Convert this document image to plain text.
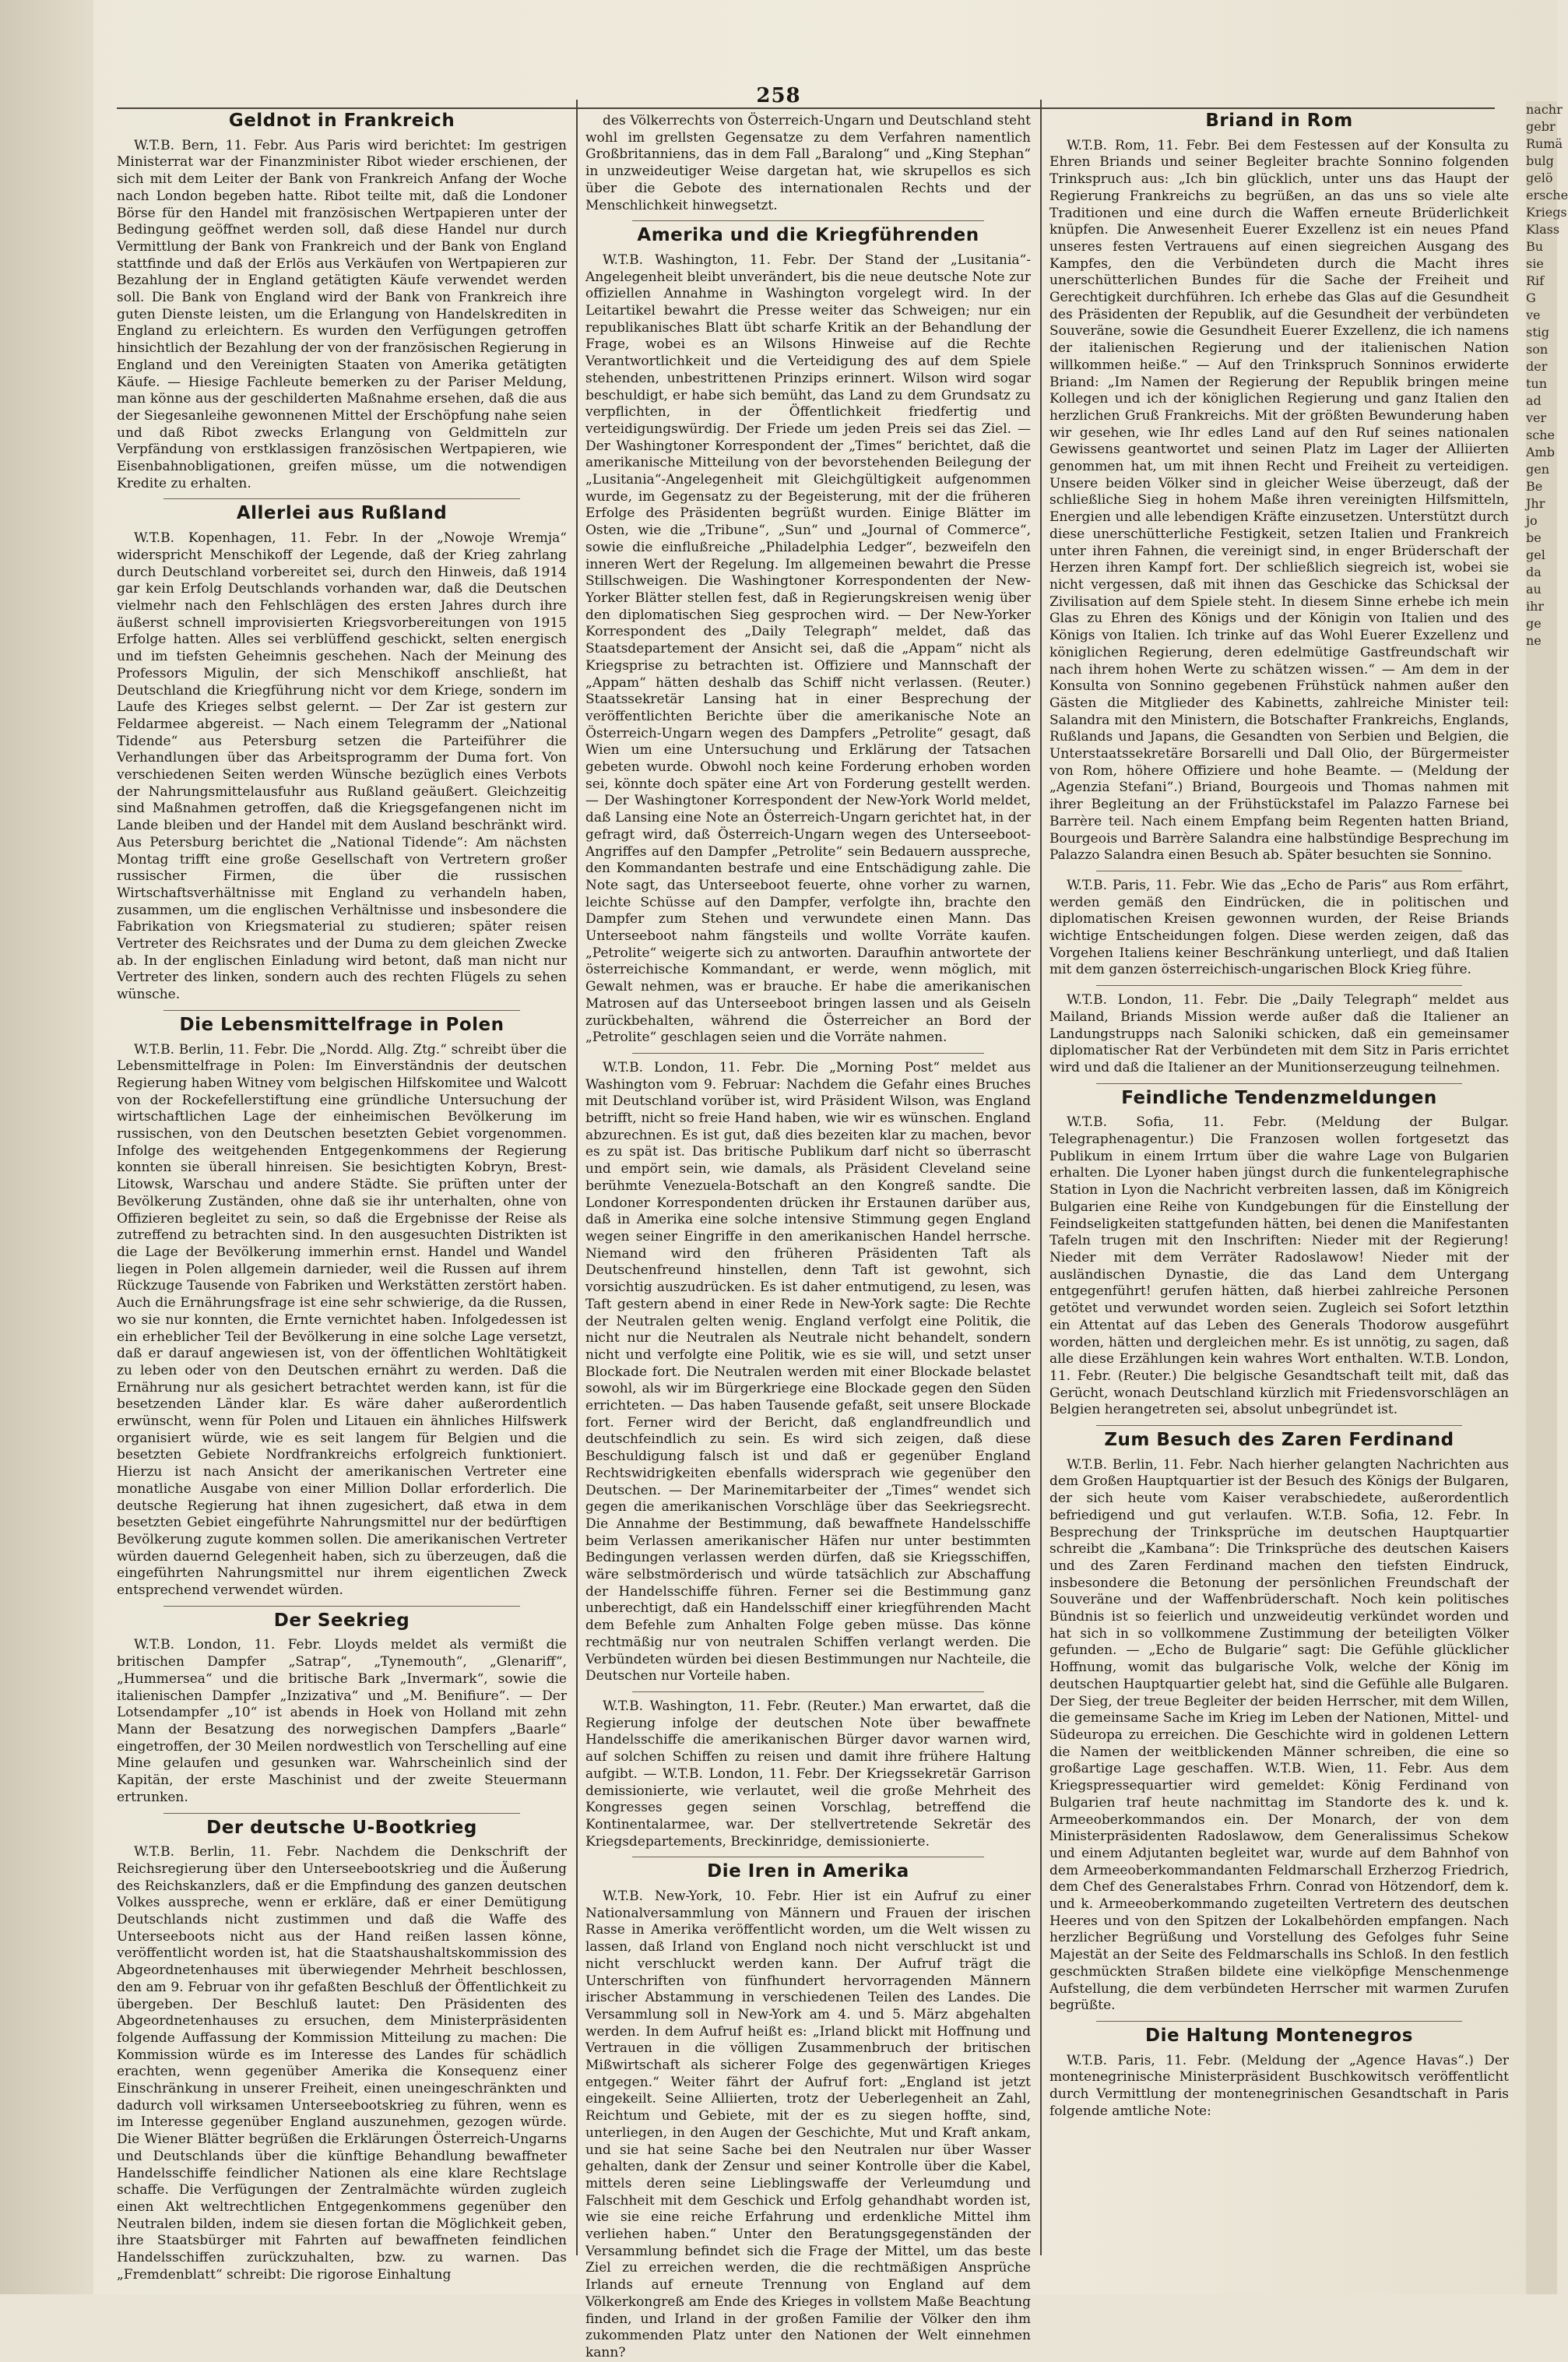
258
Geldnot in Frankreich

W.T.B. Bern, 11. Febr. Aus Paris wird berichtet: Im gestrigen Ministerrat war der Finanzminister Ribot wieder erschienen, der sich mit dem Leiter der Bank von Frankreich Anfang der Woche nach London begeben hatte. Ribot teilte mit, daß die Londoner Börse für den Handel mit französischen Wertpapieren unter der Bedingung geöffnet werden soll, daß diese Handel nur durch Vermittlung der Bank von Frankreich und der Bank von England stattfinde und daß der Erlös aus Verkäufen von Wertpapieren zur Bezahlung der in England getätigten Käufe verwendet werden soll. Die Bank von England wird der Bank von Frankreich ihre guten Dienste leisten, um die Erlangung von Handelskrediten in England zu erleichtern. Es wurden den Verfügungen getroffen hinsichtlich der Bezahlung der von der französischen Regierung in England und den Vereinigten Staaten von Amerika getätigten Käufe. — Hiesige Fachleute bemerken zu der Pariser Meldung, man könne aus der geschilderten Maßnahme ersehen, daß die aus der Siegesanleihe gewonnenen Mittel der Erschöpfung nahe seien und daß Ribot zwecks Erlangung von Geldmitteln zur Verpfändung von erstklassigen französischen Wertpapieren, wie Eisenbahnobligationen, greifen müsse, um die notwendigen Kredite zu erhalten.

Allerlei aus Rußland

W.T.B. Kopenhagen, 11. Febr. In der „Nowoje Wremja“ widerspricht Menschikoff der Legende, daß der Krieg zahrlang durch Deutschland vorbereitet sei, durch den Hinweis, daß 1914 gar kein Erfolg Deutschlands vorhanden war, daß die Deutschen vielmehr nach den Fehlschlägen des ersten Jahres durch ihre äußerst schnell improvisierten Kriegsvorbereitungen von 1915 Erfolge hatten. Alles sei verblüffend geschickt, selten energisch und im tiefsten Geheimnis geschehen. Nach der Meinung des Professors Migulin, der sich Menschikoff anschließt, hat Deutschland die Kriegführung nicht vor dem Kriege, sondern im Laufe des Krieges selbst gelernt. — Der Zar ist gestern zur Feldarmee abgereist. — Nach einem Telegramm der „National Tidende“ aus Petersburg setzen die Parteiführer die Verhandlungen über das Arbeitsprogramm der Duma fort. Von verschiedenen Seiten werden Wünsche bezüglich eines Verbots der Nahrungsmittelausfuhr aus Rußland geäußert. Gleichzeitig sind Maßnahmen getroffen, daß die Kriegsgefangenen nicht im Lande bleiben und der Handel mit dem Ausland beschränkt wird. Aus Petersburg berichtet die „National Tidende“: Am nächsten Montag trifft eine große Gesellschaft von Vertretern großer russischer Firmen, die über die russischen Wirtschaftsverhältnisse mit England zu verhandeln haben, zusammen, um die englischen Verhältnisse und insbesondere die Fabrikation von Kriegsmaterial zu studieren; später reisen Vertreter des Reichsrates und der Duma zu dem gleichen Zwecke ab. In der englischen Einladung wird betont, daß man nicht nur Vertreter des linken, sondern auch des rechten Flügels zu sehen wünsche.

Die Lebensmittelfrage in Polen

W.T.B. Berlin, 11. Febr. Die „Nordd. Allg. Ztg.“ schreibt über die Lebensmittelfrage in Polen: Im Einverständnis der deutschen Regierung haben Witney vom belgischen Hilfskomitee und Walcott von der Rockefellerstiftung eine gründliche Untersuchung der wirtschaftlichen Lage der einheimischen Bevölkerung im russischen, von den Deutschen besetzten Gebiet vorgenommen. Infolge des weitgehenden Entgegenkommens der Regierung konnten sie überall hinreisen. Sie besichtigten Kobryn, Brest-Litowsk, Warschau und andere Städte. Sie prüften unter der Bevölkerung Zuständen, ohne daß sie ihr unterhalten, ohne von Offizieren begleitet zu sein, so daß die Ergebnisse der Reise als zutreffend zu betrachten sind. In den ausgesuchten Distrikten ist die Lage der Bevölkerung immerhin ernst. Handel und Wandel liegen in Polen allgemein darnieder, weil die Russen auf ihrem Rückzuge Tausende von Fabriken und Werkstätten zerstört haben. Auch die Ernährungsfrage ist eine sehr schwierige, da die Russen, wo sie nur konnten, die Ernte vernichtet haben. Infolgedessen ist ein erheblicher Teil der Bevölkerung in eine solche Lage versetzt, daß er darauf angewiesen ist, von der öffentlichen Wohltätigkeit zu leben oder von den Deutschen ernährt zu werden. Daß die Ernährung nur als gesichert betrachtet werden kann, ist für die besetzenden Länder klar. Es wäre daher außerordentlich erwünscht, wenn für Polen und Litauen ein ähnliches Hilfswerk organisiert würde, wie es seit langem für Belgien und die besetzten Gebiete Nordfrankreichs erfolgreich funktioniert. Hierzu ist nach Ansicht der amerikanischen Vertreter eine monatliche Ausgabe von einer Million Dollar erforderlich. Die deutsche Regierung hat ihnen zugesichert, daß etwa in dem besetzten Gebiet eingeführte Nahrungsmittel nur der bedürftigen Bevölkerung zugute kommen sollen. Die amerikanischen Vertreter würden dauernd Gelegenheit haben, sich zu überzeugen, daß die eingeführten Nahrungsmittel nur ihrem eigentlichen Zweck entsprechend verwendet würden.

Der Seekrieg

W.T.B. London, 11. Febr. Lloyds meldet als vermißt die britischen Dampfer „Satrap“, „Tynemouth“, „Glenariff“, „Hummersea“ und die britische Bark „Invermark“, sowie die italienischen Dampfer „Inzizativa“ und „M. Benifiure“. — Der Lotsendampfer „10“ ist abends in Hoek von Holland mit zehn Mann der Besatzung des norwegischen Dampfers „Baarle“ eingetroffen, der 30 Meilen nordwestlich von Terschelling auf eine Mine gelaufen und gesunken war. Wahrscheinlich sind der Kapitän, der erste Maschinist und der zweite Steuermann ertrunken.

Der deutsche U-Bootkrieg

W.T.B. Berlin, 11. Febr. Nachdem die Denkschrift der Reichsregierung über den Unterseebootskrieg und die Äußerung des Reichskanzlers, daß er die Empfindung des ganzen deutschen Volkes ausspreche, wenn er erkläre, daß er einer Demütigung Deutschlands nicht zustimmen und daß die Waffe des Unterseeboots nicht aus der Hand reißen lassen könne, veröffentlicht worden ist, hat die Staatshaushaltskommission des Abgeordnetenhauses mit überwiegender Mehrheit beschlossen, den am 9. Februar von ihr gefaßten Beschluß der Öffentlichkeit zu übergeben. Der Beschluß lautet: Den Präsidenten des Abgeordnetenhauses zu ersuchen, dem Ministerpräsidenten folgende Auffassung der Kommission Mitteilung zu machen: Die Kommission würde es im Interesse des Landes für schädlich erachten, wenn gegenüber Amerika die Konsequenz einer Einschränkung in unserer Freiheit, einen uneingeschränkten und dadurch voll wirksamen Unterseebootskrieg zu führen, wenn es im Interesse gegenüber England auszunehmen, gezogen würde. Die Wiener Blätter begrüßen die Erklärungen Österreich-Ungarns und Deutschlands über die künftige Behandlung bewaffneter Handelsschiffe feindlicher Nationen als eine klare Rechtslage schaffe. Die Verfügungen der Zentralmächte würden zugleich einen Akt weltrechtlichen Entgegenkommens gegenüber den Neutralen bilden, indem sie diesen fortan die Möglichkeit geben, ihre Staatsbürger mit Fahrten auf bewaffneten feindlichen Handelsschiffen zurückzuhalten, bzw. zu warnen. Das „Fremdenblatt“ schreibt: Die rigorose Einhaltung

des Völkerrechts von Österreich-Ungarn und Deutschland steht wohl im grellsten Gegensatze zu dem Verfahren namentlich Großbritanniens, das in dem Fall „Baralong“ und „King Stephan“ in unzweideutiger Weise dargetan hat, wie skrupellos es sich über die Gebote des internationalen Rechts und der Menschlichkeit hinwegsetzt.

Amerika und die Kriegführenden

W.T.B. Washington, 11. Febr. Der Stand der „Lusitania“-Angelegenheit bleibt unverändert, bis die neue deutsche Note zur offiziellen Annahme in Washington vorgelegt wird. In der Leitartikel bewahrt die Presse weiter das Schweigen; nur ein republikanisches Blatt übt scharfe Kritik an der Behandlung der Frage, wobei es an Wilsons Hinweise auf die Rechte Verantwortlichkeit und die Verteidigung des auf dem Spiele stehenden, unbestrittenen Prinzips erinnert. Wilson wird sogar beschuldigt, er habe sich bemüht, das Land zu dem Grundsatz zu verpflichten, in der Öffentlichkeit friedfertig und verteidigungswürdig. Der Friede um jeden Preis sei das Ziel. — Der Washingtoner Korrespondent der „Times“ berichtet, daß die amerikanische Mitteilung von der bevorstehenden Beilegung der „Lusitania“-Angelegenheit mit Gleichgültigkeit aufgenommen wurde, im Gegensatz zu der Begeisterung, mit der die früheren Erfolge des Präsidenten begrüßt wurden. Einige Blätter im Osten, wie die „Tribune“, „Sun“ und „Journal of Commerce“, sowie die einflußreiche „Philadelphia Ledger“, bezweifeln den inneren Wert der Regelung. Im allgemeinen bewahrt die Presse Stillschweigen. Die Washingtoner Korrespondenten der New-Yorker Blätter stellen fest, daß in Regierungskreisen wenig über den diplomatischen Sieg gesprochen wird. — Der New-Yorker Korrespondent des „Daily Telegraph“ meldet, daß das Staatsdepartement der Ansicht sei, daß die „Appam“ nicht als Kriegsprise zu betrachten ist. Offiziere und Mannschaft der „Appam“ hätten deshalb das Schiff nicht verlassen. (Reuter.) Staatssekretär Lansing hat in einer Besprechung der veröffentlichten Berichte über die amerikanische Note an Österreich-Ungarn wegen des Dampfers „Petrolite“ gesagt, daß Wien um eine Untersuchung und Erklärung der Tatsachen gebeten wurde. Obwohl noch keine Forderung erhoben worden sei, könnte doch später eine Art von Forderung gestellt werden. — Der Washingtoner Korrespondent der New-York World meldet, daß Lansing eine Note an Österreich-Ungarn gerichtet hat, in der gefragt wird, daß Österreich-Ungarn wegen des Unterseeboot-Angriffes auf den Dampfer „Petrolite“ sein Bedauern ausspreche, den Kommandanten bestrafe und eine Entschädigung zahle. Die Note sagt, das Unterseeboot feuerte, ohne vorher zu warnen, leichte Schüsse auf den Dampfer, verfolgte ihn, brachte den Dampfer zum Stehen und verwundete einen Mann. Das Unterseeboot nahm fängsteils und wollte Vorräte kaufen. „Petrolite“ weigerte sich zu antworten. Daraufhin antwortete der österreichische Kommandant, er werde, wenn möglich, mit Gewalt nehmen, was er brauche. Er habe die amerikanischen Matrosen auf das Unterseeboot bringen lassen und als Geiseln zurückbehalten, während die Österreicher an Bord der „Petrolite“ geschlagen seien und die Vorräte nahmen.

W.T.B. London, 11. Febr. Die „Morning Post“ meldet aus Washington vom 9. Februar: Nachdem die Gefahr eines Bruches mit Deutschland vorüber ist, wird Präsident Wilson, was England betrifft, nicht so freie Hand haben, wie wir es wünschen. England abzurechnen. Es ist gut, daß dies bezeiten klar zu machen, bevor es zu spät ist. Das britische Publikum darf nicht so überrascht und empört sein, wie damals, als Präsident Cleveland seine berühmte Venezuela-Botschaft an den Kongreß sandte. Die Londoner Korrespondenten drücken ihr Erstaunen darüber aus, daß in Amerika eine solche intensive Stimmung gegen England wegen seiner Eingriffe in den amerikanischen Handel herrsche. Niemand wird den früheren Präsidenten Taft als Deutschenfreund hinstellen, denn Taft ist gewohnt, sich vorsichtig auszudrücken. Es ist daher entmutigend, zu lesen, was Taft gestern abend in einer Rede in New-York sagte: Die Rechte der Neutralen gelten wenig. England verfolgt eine Politik, die nicht nur die Neutralen als Neutrale nicht behandelt, sondern nicht und verfolgte eine Politik, wie es sie will, und setzt unser Blockade fort. Die Neutralen werden mit einer Blockade belastet sowohl, als wir im Bürgerkriege eine Blockade gegen den Süden errichteten. — Das haben Tausende gefaßt, seit unsere Blockade fort. Ferner wird der Bericht, daß englandfreundlich und deutschfeindlich zu sein. Es wird sich zeigen, daß diese Beschuldigung falsch ist und daß er gegenüber England Rechtswidrigkeiten ebenfalls widersprach wie gegenüber den Deutschen. — Der Marinemitarbeiter der „Times“ wendet sich gegen die amerikanischen Vorschläge über das Seekriegsrecht. Die Annahme der Bestimmung, daß bewaffnete Handelsschiffe beim Verlassen amerikanischer Häfen nur unter bestimmten Bedingungen verlassen werden dürfen, daß sie Kriegsschiffen, wäre selbstmörderisch und würde tatsächlich zur Abschaffung der Handelsschiffe führen. Ferner sei die Bestimmung ganz unberechtigt, daß ein Handelsschiff einer kriegführenden Macht dem Befehle zum Anhalten Folge geben müsse. Das könne rechtmäßig nur von neutralen Schiffen verlangt werden. Die Verbündeten würden bei diesen Bestimmungen nur Nachteile, die Deutschen nur Vorteile haben.

W.T.B. Washington, 11. Febr. (Reuter.) Man erwartet, daß die Regierung infolge der deutschen Note über bewaffnete Handelsschiffe die amerikanischen Bürger davor warnen wird, auf solchen Schiffen zu reisen und damit ihre frühere Haltung aufgibt. — W.T.B. London, 11. Febr. Der Kriegssekretär Garrison demissionierte, wie verlautet, weil die große Mehrheit des Kongresses gegen seinen Vorschlag, betreffend die Kontinentalarmee, war. Der stellvertretende Sekretär des Kriegsdepartements, Breckinridge, demissionierte.

Die Iren in Amerika

W.T.B. New-York, 10. Febr. Hier ist ein Aufruf zu einer Nationalversammlung von Männern und Frauen der irischen Rasse in Amerika veröffentlicht worden, um die Welt wissen zu lassen, daß Irland von England noch nicht verschluckt ist und nicht verschluckt werden kann. Der Aufruf trägt die Unterschriften von fünfhundert hervorragenden Männern irischer Abstammung in verschiedenen Teilen des Landes. Die Versammlung soll in New-York am 4. und 5. März abgehalten werden. In dem Aufruf heißt es: „Irland blickt mit Hoffnung und Vertrauen in die völligen Zusammenbruch der britischen Mißwirtschaft als sicherer Folge des gegenwärtigen Krieges entgegen.“ Weiter fährt der Aufruf fort: „England ist jetzt eingekeilt. Seine Alliierten, trotz der Ueberlegenheit an Zahl, Reichtum und Gebiete, mit der es zu siegen hoffte, sind, unterliegen, in den Augen der Geschichte, Mut und Kraft ankam, und sie hat seine Sache bei den Neutralen nur über Wasser gehalten, dank der Zensur und seiner Kontrolle über die Kabel, mittels deren seine Lieblingswaffe der Verleumdung und Falschheit mit dem Geschick und Erfolg gehandhabt worden ist, wie sie eine reiche Erfahrung und erdenkliche Mittel ihm verliehen haben.“ Unter den Beratungsgegenständen der Versammlung befindet sich die Frage der Mittel, um das beste Ziel zu erreichen werden, die die rechtmäßigen Ansprüche Irlands auf erneute Trennung von England auf dem Völkerkongreß am Ende des Krieges in vollstem Maße Beachtung finden, und Irland in der großen Familie der Völker den ihm zukommenden Platz unter den Nationen der Welt einnehmen kann?

Briand in Rom

W.T.B. Rom, 11. Febr. Bei dem Festessen auf der Konsulta zu Ehren Briands und seiner Begleiter brachte Sonnino folgenden Trinkspruch aus: „Ich bin glücklich, unter uns das Haupt der Regierung Frankreichs zu begrüßen, an das uns so viele alte Traditionen und eine durch die Waffen erneute Brüderlichkeit knüpfen. Die Anwesenheit Euerer Exzellenz ist ein neues Pfand unseres festen Vertrauens auf einen siegreichen Ausgang des Kampfes, den die Verbündeten durch die Macht ihres unerschütterlichen Bundes für die Sache der Freiheit und Gerechtigkeit durchführen. Ich erhebe das Glas auf die Gesundheit des Präsidenten der Republik, auf die Gesundheit der verbündeten Souveräne, sowie die Gesundheit Euerer Exzellenz, die ich namens der italienischen Regierung und der italienischen Nation willkommen heiße.“ — Auf den Trinkspruch Sonninos erwiderte Briand: „Im Namen der Regierung der Republik bringen meine Kollegen und ich der königlichen Regierung und ganz Italien den herzlichen Gruß Frankreichs. Mit der größten Bewunderung haben wir gesehen, wie Ihr edles Land auf den Ruf seines nationalen Gewissens geantwortet und seinen Platz im Lager der Alliierten genommen hat, um mit ihnen Recht und Freiheit zu verteidigen. Unsere beiden Völker sind in gleicher Weise überzeugt, daß der schließliche Sieg in hohem Maße ihren vereinigten Hilfsmitteln, Energien und alle lebendigen Kräfte einzusetzen. Unterstützt durch diese unerschütterliche Festigkeit, setzen Italien und Frankreich unter ihren Fahnen, die vereinigt sind, in enger Brüderschaft der Herzen ihren Kampf fort. Der schließlich siegreich ist, wobei sie nicht vergessen, daß mit ihnen das Geschicke das Schicksal der Zivilisation auf dem Spiele steht. In diesem Sinne erhebe ich mein Glas zu Ehren des Königs und der Königin von Italien und des Königs von Italien. Ich trinke auf das Wohl Euerer Exzellenz und königlichen Regierung, deren edelmütige Gastfreundschaft wir nach ihrem hohen Werte zu schätzen wissen.“ — Am dem in der Konsulta von Sonnino gegebenen Frühstück nahmen außer den Gästen die Mitglieder des Kabinetts, zahlreiche Minister teil: Salandra mit den Ministern, die Botschafter Frankreichs, Englands, Rußlands und Japans, die Gesandten von Serbien und Belgien, die Unterstaatssekretäre Borsarelli und Dall Olio, der Bürgermeister von Rom, höhere Offiziere und hohe Beamte. — (Meldung der „Agenzia Stefani“.) Briand, Bourgeois und Thomas nahmen mit ihrer Begleitung an der Frühstückstafel im Palazzo Farnese bei Barrère teil. Nach einem Empfang beim Regenten hatten Briand, Bourgeois und Barrère Salandra eine halbstündige Besprechung im Palazzo Salandra einen Besuch ab. Später besuchten sie Sonnino.

W.T.B. Paris, 11. Febr. Wie das „Echo de Paris“ aus Rom erfährt, werden gemäß den Eindrücken, die in politischen und diplomatischen Kreisen gewonnen wurden, der Reise Briands wichtige Entscheidungen folgen. Diese werden zeigen, daß das Vorgehen Italiens keiner Beschränkung unterliegt, und daß Italien mit dem ganzen österreichisch-ungarischen Block Krieg führe.

W.T.B. London, 11. Febr. Die „Daily Telegraph“ meldet aus Mailand, Briands Mission werde außer daß die Italiener an Landungstrupps nach Saloniki schicken, daß ein gemeinsamer diplomatischer Rat der Verbündeten mit dem Sitz in Paris errichtet wird und daß die Italiener an der Munitionserzeugung teilnehmen.

Feindliche Tendenzmeldungen

W.T.B. Sofia, 11. Febr. (Meldung der Bulgar. Telegraphenagentur.) Die Franzosen wollen fortgesetzt das Publikum in einem Irrtum über die wahre Lage von Bulgarien erhalten. Die Lyoner haben jüngst durch die funkentelegraphische Station in Lyon die Nachricht verbreiten lassen, daß im Königreich Bulgarien eine Reihe von Kundgebungen für die Einstellung der Feindseligkeiten stattgefunden hätten, bei denen die Manifestanten Tafeln trugen mit den Inschriften: Nieder mit der Regierung! Nieder mit dem Verräter Radoslawow! Nieder mit der ausländischen Dynastie, die das Land dem Untergang entgegenführt! gerufen hätten, daß hierbei zahlreiche Personen getötet und verwundet worden seien. Zugleich sei Sofort letzthin ein Attentat auf das Leben des Generals Thodorow ausgeführt worden, hätten und dergleichen mehr. Es ist unnötig, zu sagen, daß alle diese Erzählungen kein wahres Wort enthalten. W.T.B. London, 11. Febr. (Reuter.) Die belgische Gesandtschaft teilt mit, daß das Gerücht, wonach Deutschland kürzlich mit Friedensvorschlägen an Belgien herangetreten sei, absolut unbegründet ist.

Zum Besuch des Zaren Ferdinand

W.T.B. Berlin, 11. Febr. Nach hierher gelangten Nachrichten aus dem Großen Hauptquartier ist der Besuch des Königs der Bulgaren, der sich heute vom Kaiser verabschiedete, außerordentlich befriedigend und gut verlaufen. W.T.B. Sofia, 12. Febr. In Besprechung der Trinksprüche im deutschen Hauptquartier schreibt die „Kambana“: Die Trinksprüche des deutschen Kaisers und des Zaren Ferdinand machen den tiefsten Eindruck, insbesondere die Betonung der persönlichen Freundschaft der Souveräne und der Waffenbrüderschaft. Noch kein politisches Bündnis ist so feierlich und unzweideutig verkündet worden und hat sich in so vollkommene Zustimmung der beteiligten Völker gefunden. — „Echo de Bulgarie“ sagt: Die Gefühle glücklicher Hoffnung, womit das bulgarische Volk, welche der König im deutschen Hauptquartier gelebt hat, sind die Gefühle alle Bulgaren. Der Sieg, der treue Begleiter der beiden Herrscher, mit dem Willen, die gemeinsame Sache im Krieg im Leben der Nationen, Mittel- und Südeuropa zu erreichen. Die Geschichte wird in goldenen Lettern die Namen der weitblickenden Männer schreiben, die eine so großartige Lage geschaffen. W.T.B. Wien, 11. Febr. Aus dem Kriegspressequartier wird gemeldet: König Ferdinand von Bulgarien traf heute nachmittag im Standorte des k. und k. Armeeoberkommandos ein. Der Monarch, der von dem Ministerpräsidenten Radoslawow, dem Generalissimus Schekow und einem Adjutanten begleitet war, wurde auf dem Bahnhof von dem Armeeoberkommandanten Feldmarschall Erzherzog Friedrich, dem Chef des Generalstabes Frhrn. Conrad von Hötzendorf, dem k. und k. Armeeoberkommando zugeteilten Vertretern des deutschen Heeres und von den Spitzen der Lokalbehörden empfangen. Nach herzlicher Begrüßung und Vorstellung des Gefolges fuhr Seine Majestät an der Seite des Feldmarschalls ins Schloß. In den festlich geschmückten Straßen bildete eine vielköpfige Menschenmenge Aufstellung, die dem verbündeten Herrscher mit warmen Zurufen begrüßte.

Die Haltung Montenegros

W.T.B. Paris, 11. Febr. (Meldung der „Agence Havas“.) Der montenegrinische Ministerpräsident Buschkowitsch veröffentlicht durch Vermittlung der montenegrinischen Gesandtschaft in Paris folgende amtliche Note:

nachr
gebr
Rumä
bulg
gelö
ersche
Kriegs
Klass
Bu
sie
Rif
G
ve
stig
son
der
tun
ad
ver
sche
Amb
gen
Be
Jhr
jo
be
gel
da
au
ihr
ge
ne
